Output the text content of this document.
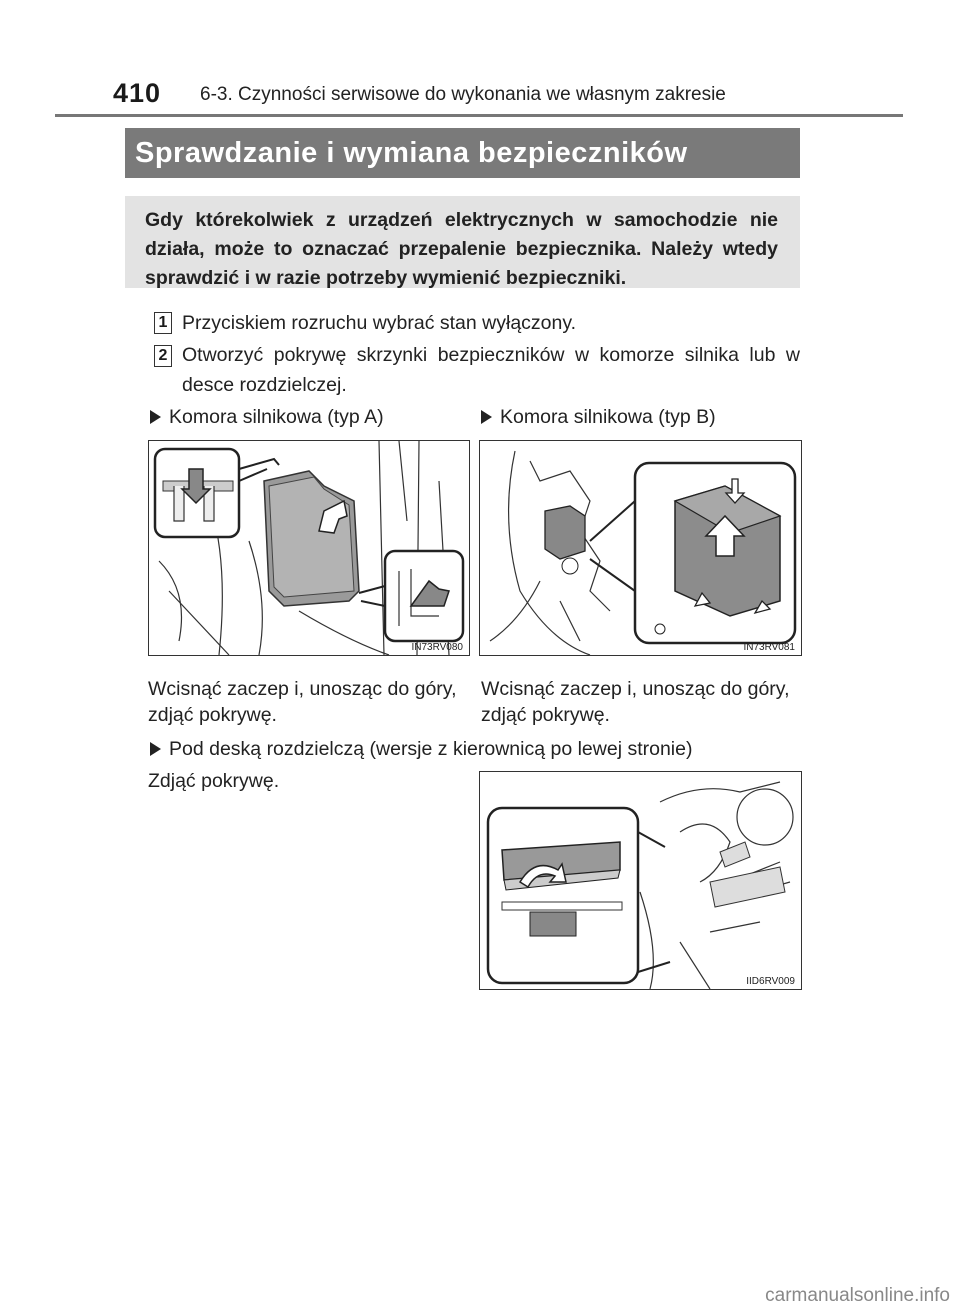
410 6-3. Czynności serwisowe do wykonania we własnym zakresie
Sprawdzanie i wymiana bezpieczników
Gdy którekolwiek z urządzeń elektrycznych w samochodzie nie działa, może to oznaczać przepalenie bezpiecznika. Należy wtedy sprawdzić i w razie potrzeby wymienić bezpieczniki.
1 Przyciskiem rozruchu wybrać stan wyłączony.
2 Otworzyć pokrywę skrzynki bezpieczników w komorze silnika lub w desce rozdzielczej.
Komora silnikowa (typ A)	Komora silnikowa (typ B)
IN73RV080	IN73RV081
Wcisnąć zaczep i, unosząc do góry, zdjąć pokrywę.
Wcisnąć zaczep i, unosząc do góry, zdjąć pokrywę.
Pod deską rozdzielczą (wersje z kierownicą po lewej stronie)
Zdjąć pokrywę.
IID6RV009
carmanualsonline.info
